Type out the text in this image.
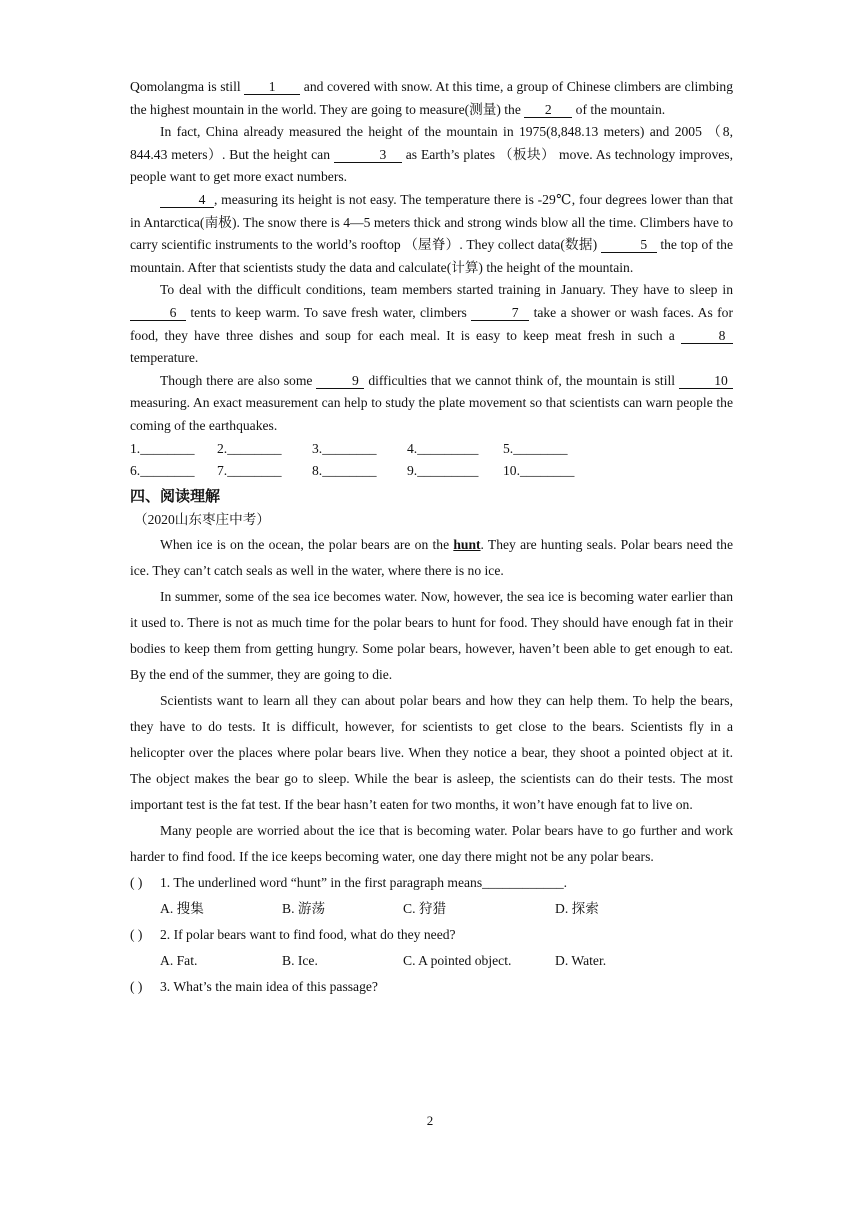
Qomolangma is still 1 and covered with snow. At this time, a group of Chinese climbers are climbing the highest mountain in the world. They are going to measure(测量) the 2 of the mountain.

In fact, China already measured the height of the mountain in 1975(8,848.13 meters) and 2005 （8, 844.43 meters）. But the height can	3 as Earth’s plates （板块） move. As technology improves, people want to get more exact numbers.

4 , measuring its height is not easy. The temperature there is -29℃, four degrees lower than that in Antarctica(南极). The snow there is 4—5 meters thick and strong winds blow all the time. Climbers have to carry scientific instruments to the world’s rooftop （屋脊）. They collect data(数据)	5 the top of the mountain. After that scientists study the data and calculate(计算) the height of the mountain.

To deal with the difficult conditions, team members started training in January. They have to sleep in 6 tents to keep warm. To save fresh water, climbers	7 take a shower or wash faces. As for food, they have three dishes and soup for each meal. It is easy to keep meat fresh in such a	8 temperature.

Though there are also some	9 difficulties that we cannot think of, the mountain is still	10 measuring. An exact measurement can help to study the plate movement so that scientists can warn people the coming of the earthquakes.

1.________	2.________	3.________	4._________	5.________
6.________	7.________	8.________	9._________	10.________
四、阅读理解
（2020山东枣庄中考）

When ice is on the ocean, the polar bears are on the hunt. They are hunting seals. Polar bears need the ice. They can’t catch seals as well in the water, where there is no ice.

In summer, some of the sea ice becomes water. Now, however, the sea ice is becoming water earlier than it used to. There is not as much time for the polar bears to hunt for food. They should have enough fat in their bodies to keep them from getting hungry. Some polar bears, however, haven’t been able to get enough to eat. By the end of the summer, they are going to die.

Scientists want to learn all they can about polar bears and how they can help them. To help the bears, they have to do tests. It is difficult, however, for scientists to get close to the bears. Scientists fly in a helicopter over the places where polar bears live. When they notice a bear, they shoot a pointed object at it. The object makes the bear go to sleep. While the bear is asleep, the scientists can do their tests. The most important test is the fat test. If the bear hasn’t eaten for two months, it won’t have enough fat to live on.

Many people are worried about the ice that is becoming water. Polar bears have to go further and work harder to find food. If the ice keeps becoming water, one day there might not be any polar bears.

( )	1. The underlined word “hunt” in the first paragraph means____________.
A. 搜集	B. 游荡	C. 狩猎	D. 探索
( )	2. If polar bears want to find food, what do they need?
A. Fat.	B. Ice.	C. A pointed object.	D. Water.
( )	3. What’s the main idea of this passage?
2
